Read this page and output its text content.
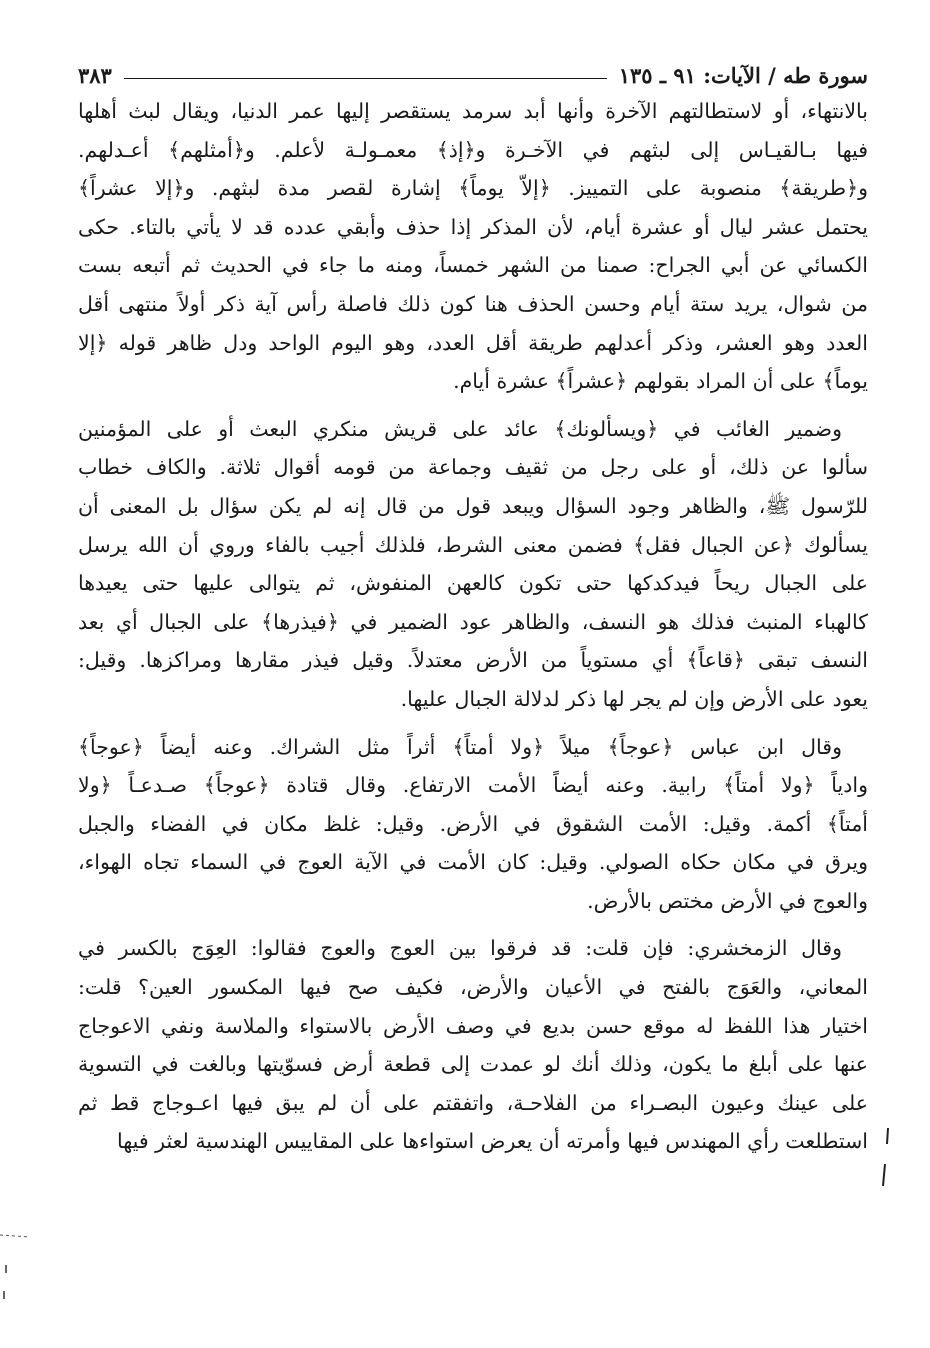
سورة طه / الآيات: ٩١ ـ ١٣٥
٣٨٣

بالانتهاء، أو لاستطالتهم الآخرة وأنها أبد سرمد يستقصر إليها عمر الدنيا، ويقال لبث أهلها
فيها بـالقيـاس إلى لبثهم في الآخـرة و﴿إذ﴾ معمـولـة لأعلم. و﴿أمثلهم﴾ أعـدلهم.
و﴿طريقة﴾ منصوبة على التمييز. ﴿إلاّ يوماً﴾ إشارة لقصر مدة لبثهم. و﴿إلا عشراً﴾
يحتمل عشر ليال أو عشرة أيام، لأن المذكر إذا حذف وأبقي عدده قد لا يأتي بالتاء. حكى
الكسائي عن أبي الجراح: صمنا من الشهر خمساً، ومنه ما جاء في الحديث ثم أتبعه بست
من شوال، يريد ستة أيام وحسن الحذف هنا كون ذلك فاصلة رأس آية ذكر أولاً منتهى أقل
العدد وهو العشر، وذكر أعدلهم طريقة أقل العدد، وهو اليوم الواحد ودل ظاهر قوله ﴿إلا
يوماً﴾ على أن المراد بقولهم ﴿عشراً﴾ عشرة أيام.

وضمير الغائب في ﴿ويسألونك﴾ عائد على قريش منكري البعث أو على المؤمنين
سألوا عن ذلك، أو على رجل من ثقيف وجماعة من قومه أقوال ثلاثة. والكاف خطاب
للرّسول ﷺ، والظاهر وجود السؤال ويبعد قول من قال إنه لم يكن سؤال بل المعنى أن
يسألوك ﴿عن الجبال فقل﴾ فضمن معنى الشرط، فلذلك أجيب بالفاء وروي أن الله يرسل
على الجبال ريحاً فيدكدكها حتى تكون كالعهن المنفوش، ثم يتوالى عليها حتى يعيدها
كالهباء المنبث فذلك هو النسف، والظاهر عود الضمير في ﴿فيذرها﴾ على الجبال أي بعد
النسف تبقى ﴿قاعاً﴾ أي مستوياً من الأرض معتدلاً. وقيل فيذر مقارها ومراكزها. وقيل:
يعود على الأرض وإن لم يجر لها ذكر لدلالة الجبال عليها.

وقال ابن عباس ﴿عوجاً﴾ ميلاً ﴿ولا أمتاً﴾ أثراً مثل الشراك. وعنه أيضاً ﴿عوجاً﴾
وادياً ﴿ولا أمتاً﴾ رابية. وعنه أيضاً الأمت الارتفاع. وقال قتادة ﴿عوجاً﴾ صـدعـاً ﴿ولا
أمتاً﴾ أكمة. وقيل: الأمت الشقوق في الأرض. وقيل: غلظ مكان في الفضاء والجبل
ويرق في مكان حكاه الصولي. وقيل: كان الأمت في الآية العوج في السماء تجاه الهواء،
والعوج في الأرض مختص بالأرض.

وقال الزمخشري: فإن قلت: قد فرقوا بين العوج والعوج فقالوا: العِوَج بالكسر في
المعاني، والعَوَج بالفتح في الأعيان والأرض، فكيف صح فيها المكسور العين؟ قلت:
اختيار هذا اللفظ له موقع حسن بديع في وصف الأرض بالاستواء والملاسة ونفي الاعوجاج
عنها على أبلغ ما يكون، وذلك أنك لو عمدت إلى قطعة أرض فسوّيتها وبالغت في التسوية
على عينك وعيون البصـراء من الفلاحـة، واتفقتم على أن لم يبق فيها اعـوجاج قط ثم
استطلعت رأي المهندس فيها وأمرته أن يعرض استواءها على المقاييس الهندسية لعثر فيها
